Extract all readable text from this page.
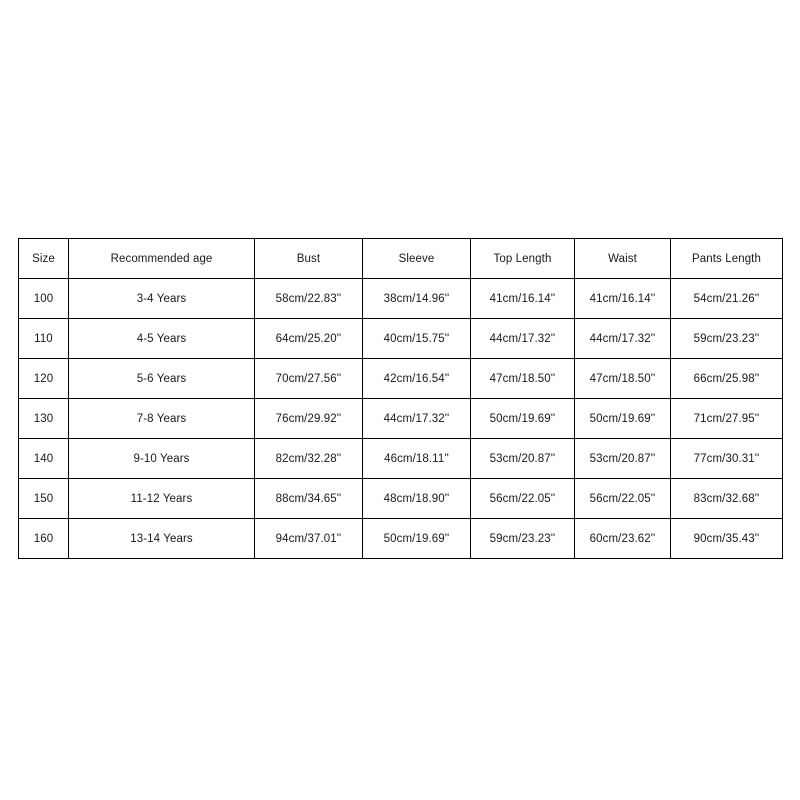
Size	Recommended age	Bust	Sleeve	Top Length	Waist	Pants Length
100	3-4 Years	58cm/22.83''	38cm/14.96''	41cm/16.14''	41cm/16.14''	54cm/21.26''
110	4-5 Years	64cm/25.20''	40cm/15.75''	44cm/17.32''	44cm/17.32''	59cm/23.23''
120	5-6 Years	70cm/27.56''	42cm/16.54''	47cm/18.50''	47cm/18.50''	66cm/25.98''
130	7-8 Years	76cm/29.92''	44cm/17.32''	50cm/19.69''	50cm/19.69''	71cm/27.95''
140	9-10 Years	82cm/32.28''	46cm/18.11''	53cm/20.87''	53cm/20.87''	77cm/30.31''
150	11-12 Years	88cm/34.65''	48cm/18.90''	56cm/22.05''	56cm/22.05''	83cm/32.68''
160	13-14 Years	94cm/37.01''	50cm/19.69''	59cm/23.23''	60cm/23.62''	90cm/35.43''
